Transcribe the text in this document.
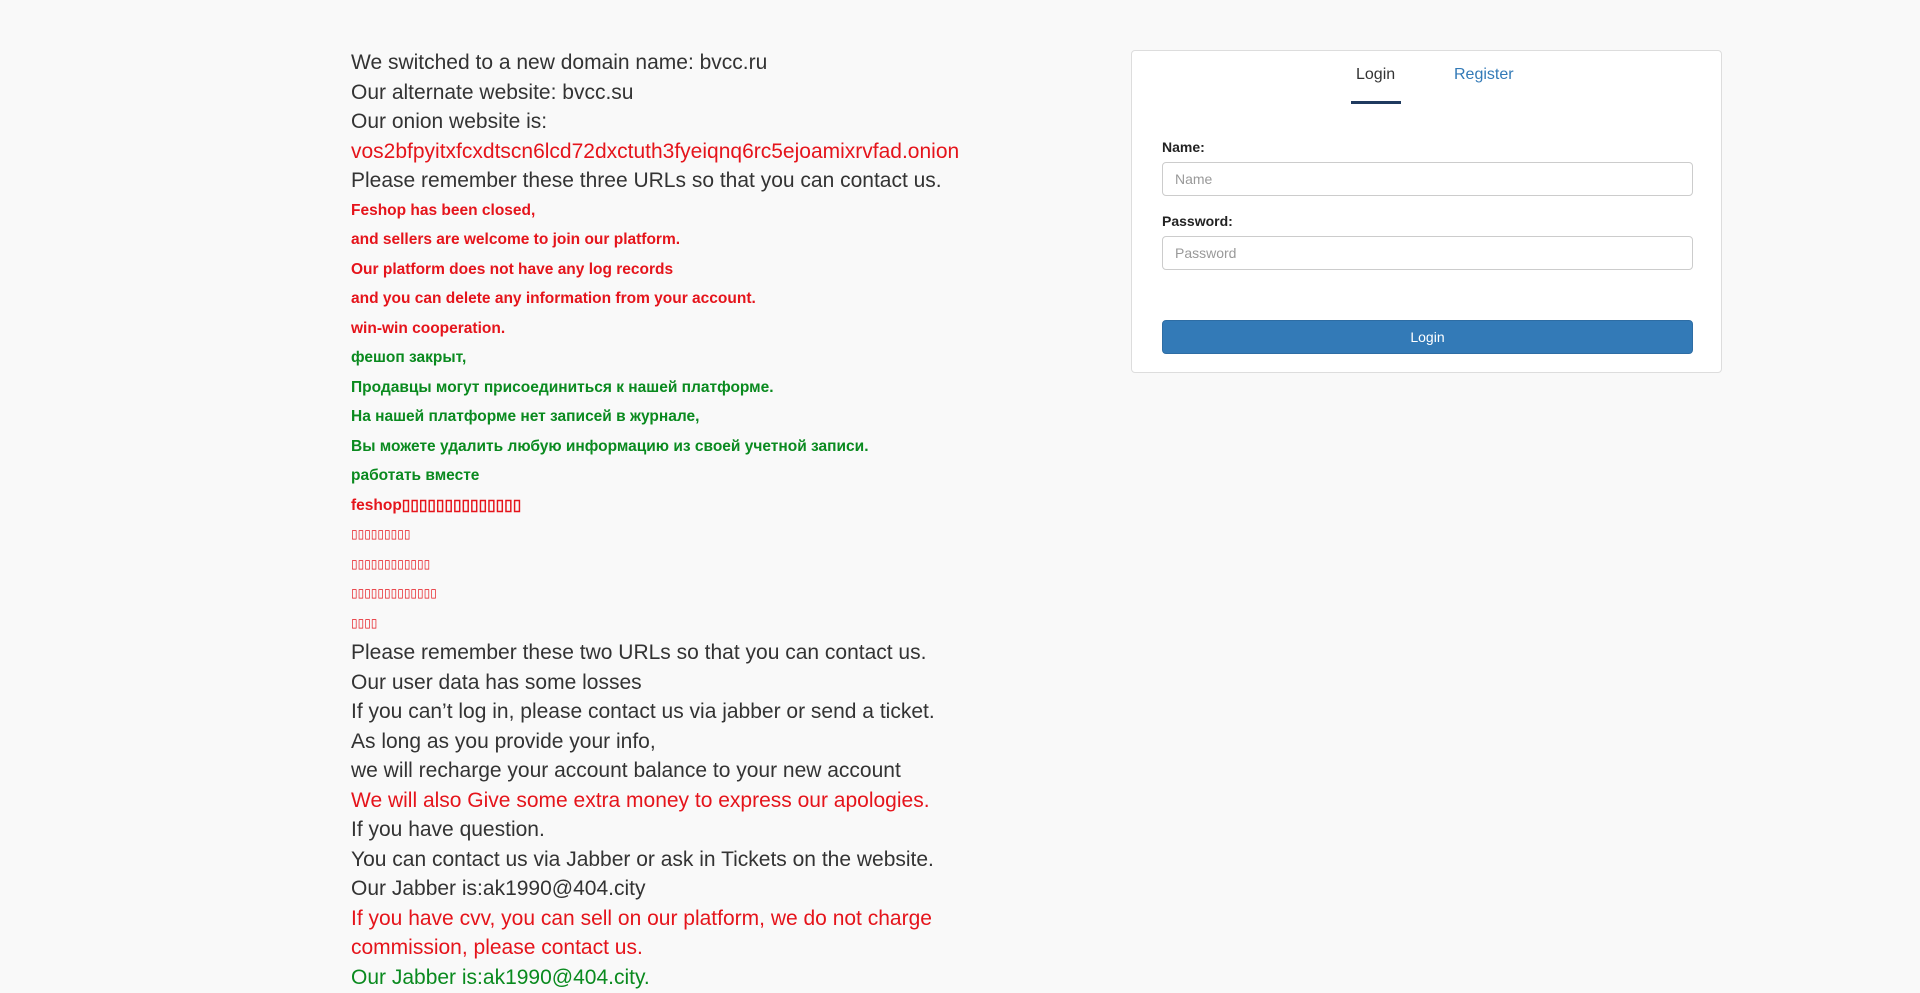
We switched to a new domain name: bvcc.ru
Our alternate website: bvcc.su
Our onion website is:
vos2bfpyitxfcxdtscn6lcd72dxctuth3fyeiqnq6rc5ejoamixrvfad.onion
Please remember these three URLs so that you can contact us.
Feshop has been closed,
and sellers are welcome to join our platform.
Our platform does not have any log records
and you can delete any information from your account.
win-win cooperation.
фешоп закрыт,
Продавцы могут присоединиться к нашей платформе.
На нашей платформе нет записей в журнале,
Вы можете удалить любую информацию из своей учетной записи.
работать вместе
feshop▯▯▯▯▯▯▯▯▯▯▯▯▯▯
▯▯▯▯▯▯▯▯▯
▯▯▯▯▯▯▯▯▯▯▯▯
▯▯▯▯▯▯▯▯▯▯▯▯▯
▯▯▯▯
Please remember these two URLs so that you can contact us.
Our user data has some losses
If you can’t log in, please contact us via jabber or send a ticket.
As long as you provide your info,
we will recharge your account balance to your new account
We will also Give some extra money to express our apologies.
If you have question.
You can contact us via Jabber or ask in Tickets on the website.
Our Jabber is:ak1990@404.city
If you have cvv, you can sell on our platform, we do not charge
commission, please contact us.
Our Jabber is:ak1990@404.city.
Login	Register
Name:
Name
Password:
Login
